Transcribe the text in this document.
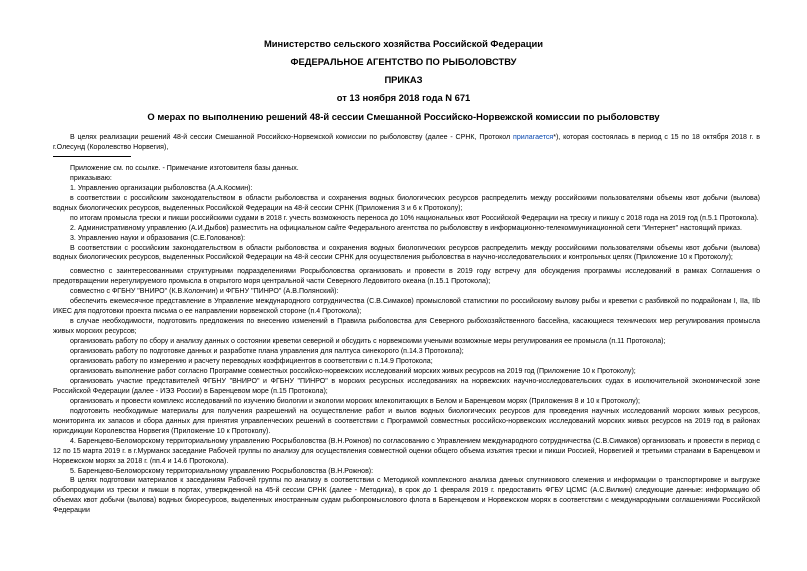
Министерство сельского хозяйства Российской Федерации
ФЕДЕРАЛЬНОЕ АГЕНТСТВО ПО РЫБОЛОВСТВУ
ПРИКАЗ
от 13 ноября 2018 года N 671
О мерах по выполнению решений 48-й сессии Смешанной Российско-Норвежской комиссии по рыболовству

В целях реализации решений 48-й сессии Смешанной Российско-Норвежской комиссии по рыболовству (далее - СРНК, Протокол прилагается*), которая состоялась в период с 15 по 18 октября 2018 г. в г.Олесунд (Королевство Норвегия),

Приложение см. по ссылке. - Примечание изготовителя базы данных.

приказываю:

1. Управлению организации рыболовства (А.А.Космин):

в соответствии с российским законодательством в области рыболовства и сохранения водных биологических ресурсов распределить между российскими пользователями объемы квот добычи (вылова) водных биологических ресурсов, выделенных Российской Федерации на 48-й сессии СРНК (Приложения 3 и 6 к Протоколу);

по итогам промысла трески и пикши российскими судами в 2018 г. учесть возможность переноса до 10% национальных квот Российской Федерации на треску и пикшу с 2018 года на 2019 год (п.5.1 Протокола).

2. Административному управлению (А.И.Дыбов) разместить на официальном сайте Федерального агентства по рыболовству в информационно-телекоммуникационной сети "Интернет" настоящий приказ.

3. Управлению науки и образования (С.Е.Голованов):

В соответствии с российским законодательством в области рыболовства и сохранения водных биологических ресурсов распределить между российскими пользователями объемы квот добычи (вылова) водных биологических ресурсов, выделенных Российской Федерации на 48-й сессии СРНК для осуществления рыболовства в научно-исследовательских и контрольных целях (Приложение 10 к Протоколу);

совместно с заинтересованными структурными подразделениями Росрыболовства организовать и провести в 2019 году встречу для обсуждения программы исследований в рамках Соглашения о предотвращении нерегулируемого промысла в открытого моря центральной части Северного Ледовитого океана (п.15.1 Протокола);

совместно с ФГБНУ "ВНИРО" (К.В.Колончин) и ФГБНУ "ПИНРО" (А.В.Полянский):

обеспечить ежемесячное представление в Управление международного сотрудничества (С.В.Симаков) промысловой статистики по российскому вылову рыбы и креветки с разбивкой по подрайонам I, IIa, IIb ИКЕС для подготовки проекта письма о ее направлении норвежской стороне (п.4 Протокола);

в случае необходимости, подготовить предложения по внесению изменений в Правила рыболовства для Северного рыбохозяйственного бассейна, касающиеся технических мер регулирования промысла живых морских ресурсов;

организовать работу по сбору и анализу данных о состоянии креветки северной и обсудить с норвежскими учеными возможные меры регулирования ее промысла (п.11 Протокола);

организовать работу по подготовке данных и разработке плана управления для палтуса синекорого (п.14.3 Протокола);

организовать работу по измерению и расчету переводных коэффициентов в соответствии с п.14.9 Протокола;

организовать выполнение работ согласно Программе совместных российско-норвежских исследований морских живых ресурсов на 2019 год (Приложение 10 к Протоколу);

организовать участие представителей ФГБНУ "ВНИРО" и ФГБНУ "ПИНРО" в морских ресурсных исследованиях на норвежских научно-исследовательских судах в исключительной экономической зоне Российской Федерации (далее - ИЭЗ России) в Баренцевом море (п.15 Протокола);

организовать и провести комплекс исследований по изучению биологии и экологии морских млекопитающих в Белом и Баренцевом морях (Приложения 8 и 10 к Протоколу);

подготовить необходимые материалы для получения разрешений на осуществление работ и вылов водных биологических ресурсов для проведения научных исследований морских живых ресурсов, мониторинга их запасов и сбора данных для принятия управленческих решений в соответствии с Программой совместных российско-норвежских исследований морских живых ресурсов на 2019 год в районах юрисдикции Королевства Норвегия (Приложение 10 к Протоколу).

4. Баренцево-Беломорскому территориальному управлению Росрыболовства (В.Н.Рожнов) по согласованию с Управлением международного сотрудничества (С.В.Симаков) организовать и провести в период с 12 по 15 марта 2019 г. в г.Мурманск заседание Рабочей группы по анализу для осуществления совместной оценки общего объема изъятия трески и пикши Россией, Норвегией и третьими странами в Баренцевом и Норвежском морях за 2018 г. (пп.4 и 14.6 Протокола).

5. Баренцево-Беломорскому территориальному управлению Росрыболовства (В.Н.Рожнов):

В целях подготовки материалов к заседаниям Рабочей группы по анализу в соответствии с Методикой комплексного анализа данных спутникового слежения и информации о транспортировке и выгрузке рыбопродукции из трески и пикши в портах, утвержденной на 45-й сессии СРНК (далее - Методика), в срок до 1 февраля 2019 г. предоставить ФГБУ ЦСМС (А.С.Вилкин) следующие данные: информацию об объемах квот добычи (вылова) водных биоресурсов, выделенных иностранным судам рыбопромыслового флота в Баренцевом и Норвежском морях в соответствии с международными соглашениями Российской Федерации
